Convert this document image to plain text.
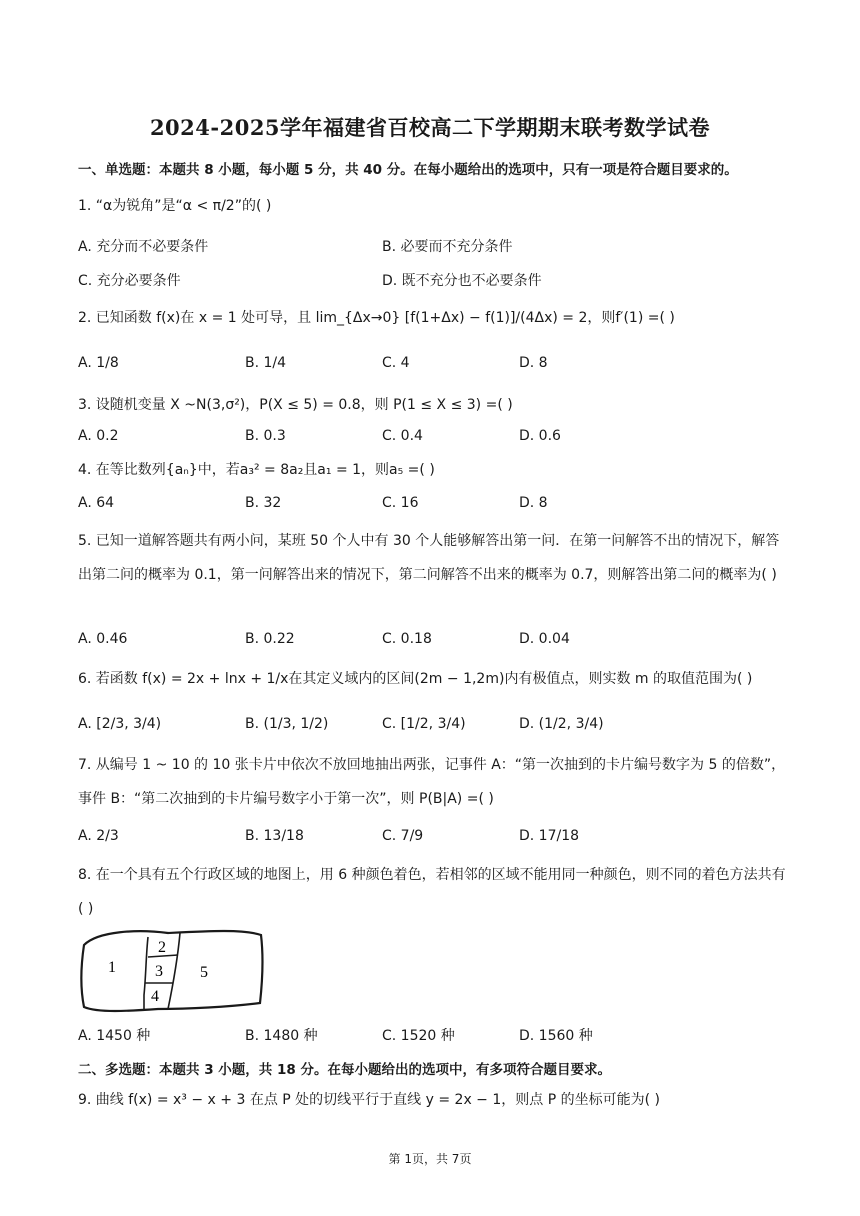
2024-2025学年福建省百校高二下学期期末联考数学试卷
一、单选题：本题共 8 小题，每小题 5 分，共 40 分。在每小题给出的选项中，只有一项是符合题目要求的。
1. “α为锐角”是“α < π/2”的( )
A. 充分而不必要条件	B. 必要而不充分条件
C. 充分必要条件	D. 既不充分也不必要条件
2. 已知函数 f(x)在 x = 1 处可导，且 lim_{Δx→0} [f(1+Δx) − f(1)]/(4Δx) = 2，则f′(1) =( )
A. 1/8	B. 1/4	C. 4	D. 8
3. 设随机变量 X ~N(3,σ²)，P(X ≤ 5) = 0.8，则 P(1 ≤ X ≤ 3) =( )
A. 0.2	B. 0.3	C. 0.4	D. 0.6
4. 在等比数列{aₙ}中，若a₃² = 8a₂且a₁ = 1，则a₅ =( )
A. 64	B. 32	C. 16	D. 8
5. 已知一道解答题共有两小问，某班 50 个人中有 30 个人能够解答出第一问．在第一问解答不出的情况下，解答出第二问的概率为 0.1，第一问解答出来的情况下，第二问解答不出来的概率为 0.7，则解答出第二问的概率为( )
A. 0.46	B. 0.22	C. 0.18	D. 0.04
6. 若函数 f(x) = 2x + lnx + 1/x在其定义域内的区间(2m − 1,2m)内有极值点，则实数 m 的取值范围为( )
A. [2/3, 3/4)	B. (1/3, 1/2)	C. [1/2, 3/4)	D. (1/2, 3/4)
7. 从编号 1 ~ 10 的 10 张卡片中依次不放回地抽出两张，记事件 A：“第一次抽到的卡片编号数字为 5 的倍数”，事件 B：“第二次抽到的卡片编号数字小于第一次”，则 P(B|A) =( )
A. 2/3	B. 13/18	C. 7/9	D. 17/18
8. 在一个具有五个行政区域的地图上，用 6 种颜色着色，若相邻的区域不能用同一种颜色，则不同的着色方法共有( )
1
2
3
4
5
A. 1450 种	B. 1480 种	C. 1520 种	D. 1560 种
二、多选题：本题共 3 小题，共 18 分。在每小题给出的选项中，有多项符合题目要求。
9. 曲线 f(x) = x³ − x + 3 在点 P 处的切线平行于直线 y = 2x − 1，则点 P 的坐标可能为( )
第 1页，共 7页
